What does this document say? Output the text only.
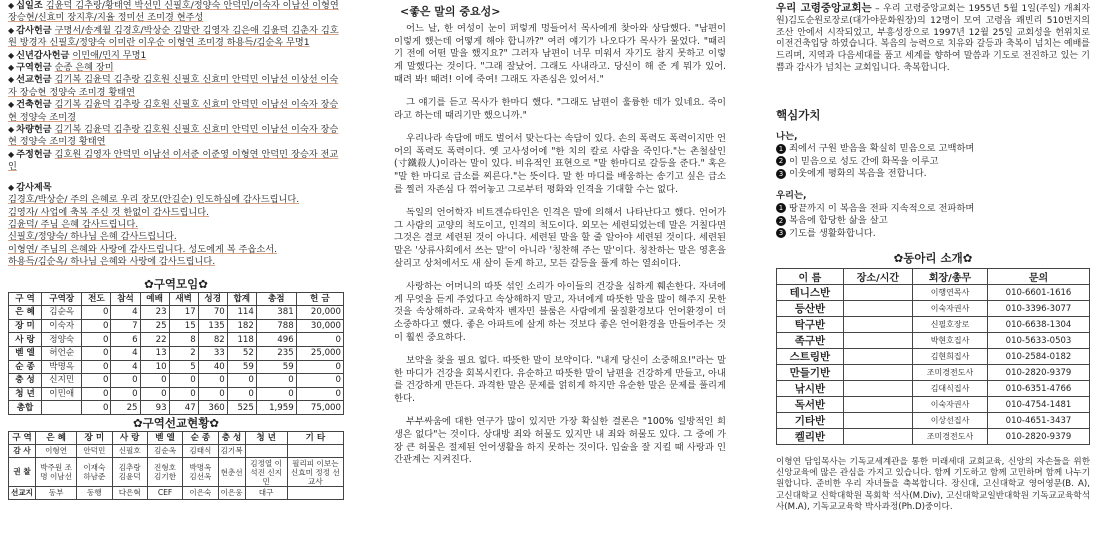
◆ 십일조 김윤덕 김추랑/황태연 박선민 신필호/정양숙 안덕민/이숙자 이남선 이형연 장승현/신효미 장지후/지율 정미선 조미경 현주성
◆ 감사헌금 구명서/송계월 김경호/박상순 김말란 김영자 김은애 김윤덕 김춘자 김호원 방경자 신필호/정양숙 이미란 이우순 이형연 조미경 하용득/김순옥 무명1
◆ 신년감사헌금 이민애/민지 무명1
◆ 구역헌금 순종 은혜 장미
◆ 선교헌금 김기복 김윤덕 김추랑 김호원 신필호 신효미 안덕민 이남선 이상선 이숙자 장승현 정양숙 조미경 황태연
◆ 건축헌금 김기복 김윤덕 김추랑 김호원 신필호 신효미 안덕민 이남선 이숙자 장승현 정양숙 조미경
◆ 차량헌금 김기복 김윤덕 김추랑 김호원 신필호 신효미 안덕민 이남선 이숙자 장승현 정양숙 조미경 황태연
◆ 주정헌금 김호원 김영자 안덕민 이남선 이서준 이준영 이형연 안덕민 장승자 전교인
◆ 감사제목
김경호/박상순/ 주의 은혜로 우리 장모(안길순) 인도하심에 감사드립니다.
김영자/ 사업에 축복 주신 것 한없이 감사드립니다.
김윤덕/ 주님 은혜 감사드립니다.
신필호/정양숙/ 하나님 은혜 감사드립니다.
이형연/ 주님의 은혜와 사랑에 감사드립니다. 성도에게 복 주옵소서.
하용득/김순옥/ 하나님 은혜와 사랑에 감사드립니다.
✿구역모임✿
구 역	구역장	전도	참석	예배	새벽	성경	합계	총점	헌 금
은 혜	김순옥	0	4	23	17	70	114	381	20,000
장 미	이숙자	0	7	25	15	135	182	788	30,000
사 랑	정양숙	0	6	22	8	82	118	496	0
벧 엘	허언순	0	4	13	2	33	52	235	25,000
순 종	박명옥	0	4	10	5	40	59	59	0
충 성	신지민	0	0	0	0	0	0	0	0
청 년	이민애	0	0	0	0	0	0	0	0
총합		0	25	93	47	360	525	1,959	75,000
✿구역선교현황✿
구 역	은 혜	장 미	사 랑	벧 엘	순 종	충 성	청 년	기 타
감 사	이형연	안덕민	신필호	김순옥	김태식	김기복		
권 찰	박주원 조명 이남선	이재숙 하남준	김추랑 김윤덕	진형호 김기한	박명옥 김선옥	현춘선	김정열 이석진 신지민	필리피 이보는 신효미 정정 선교사
선교지	동부	동행	다은혁	CEF	이은숙	이은웅	대구	
<좋은 말의 중요성>

어느 날, 한 여성이 눈이 퍼렇게 멍들어서 목사에게 찾아와 상담했다. "남편이 이렇게 했는데 어떻게 해야 합니까?" 여러 얘기가 나오다가 목사가 물었다. "때리기 전에 어떤 말을 했지요?" 그러자 남편이 너무 미워서 자기도 참지 못하고 이렇게 말했다는 것이다. "그래 잘났어. 그래도 사내라고. 당신이 해 준 게 뭐가 있어. 때려 봐! 때려! 이에 죽여! 그래도 자존심은 있어서."

그 얘기를 듣고 목사가 한마디 했다. "그래도 남편이 훌륭한 데가 있네요. 죽이라고 하는데 때리기만 했으니까."

우리나라 속담에 매도 벌어서 맞는다는 속담이 있다. 손의 폭력도 폭력이지만 언어의 폭력도 폭력이다. 옛 고사성어에 "한 치의 칼로 사람을 죽인다."는 촌철살인(寸鐵殺人)이라는 말이 있다. 비유적인 표현으로 "말 한마디로 갈등을 준다." 혹은 "말 한 마디로 급소를 찌른다."는 뜻이다. 말 한 마디를 배웅하는 송기고 싶은 급소를 찔러 자존심 다 꺾어놓고 그로부터 평화와 인격을 기대할 수는 없다.

독일의 언어학자 비트겐슈타인은 인격은 말에 의해서 나타난다고 했다. 언어가 그 사람의 교양의 척도이고, 인격의 척도이다. 외모는 세련되었는데 말은 거칠다면 그것은 결코 세련된 것이 아니다. 세련된 말을 할 줄 알아야 세련된 것이다. 세련된 말은 '상류사회에서 쓰는 말'이 아니라 '칭찬해 주는 말'이다. 칭찬하는 말은 영혼을 살리고 상처에서도 새 살이 돋게 하고, 모든 갈등을 풀게 하는 열쇠이다.

사랑하는 어머니의 따뜻 섞인 소리가 아이들의 건강을 심하게 훼손한다. 자녀에게 무엇을 듣게 주었다고 속상해하지 말고, 자녀에게 따뜻한 말을 많이 해주지 못한 것을 속상해하라. 교육학자 벤자민 블룸은 사람에게 물질환경보다 언어환경이 더 소중하다고 했다. 좋은 아파트에 살게 하는 것보다 좋은 언어환경을 만들어주는 것이 훨씬 중요하다.

보약을 찾을 필요 없다. 따뜻한 말이 보약이다. "내게 당신이 소중해요!"라는 말 한 마디가 건강을 회복시킨다. 유순하고 따뜻한 말이 남편을 건강하게 만들고, 아내를 건강하게 만든다. 과격한 말은 문제를 얽히게 하지만 유순한 말은 문제를 풀리게 한다.

부부싸움에 대한 연구가 많이 있지만 가장 확실한 결론은 "100% 일방적인 희생은 없다"는 것이다. 상대방 죄와 허물도 있지만 내 죄와 허물도 있다. 그 중에 가장 큰 허물은 절제된 언어생활을 하지 못하는 것이다. 입술을 잘 지킬 때 사랑과 인간관계는 지켜진다.

우리 고령중앙교회는 – 우리 고령중앙교회는 1955년 5월 1일(주일) 개최자 원)김도순원로장로(대가야문화원장)의 12명이 모여 고령읍 쾌빈리 510번지의 조산 안에서 시작되었고, 부흥성장으로 1997년 12월 25일 교회성을 헌위치로 이전건축입당 하였습니다. 복음의 능력으로 치유와 갈등과 축복이 넘치는 예배를 드리며, 지역과 다음세대를 품고 세계를 향하여 말씀과 기도로 전진하고 있는 기쁨과 감사가 넘치는 교회입니다. 축복합니다.
핵심가치
나는,
1 죄에서 구원 받음을 확실히 믿음으로 고백하며
2 이 믿음으로 성도 간에 화목을 이루고
3 이웃에게 평화의 복음을 전합니다.
우리는,
1 땅끝까지 이 복음을 전파 지속적으로 전파하며
2 복음에 합당한 삶을 살고
3 기도를 생활화합니다.
✿동아리 소개✿
이 름	장소/시간	회장/총무	문의
테니스반		이행연목사	010-6601-1616
등산반		이숙자권사	010-3396-3077
탁구반		신필호장로	010-6638-1304
족구반		박현호집사	010-5633-0503
스트링반		김현희집사	010-2584-0182
만들기반		조미경전도사	010-2820-9379
낚시반		김대식집사	010-6351-4766
독서반		이숙자권사	010-4754-1481
기타반		이상선집사	010-4651-3437
켈리반		조미경전도사	010-2820-9379
이형연 담임목사는 기독교세계관을 통한 미래세대 교회교육, 신앙의 자손들을 위한 신앙교육에 많은 관심을 가지고 있습니다. 함께 기도하고 함께 고민하며 함께 나누기 원합니다. 준비한 우리 자녀들을 축복합니다. 장신대, 고신대학교 영어영문(B. A), 고신대학교 신학대학원 목회학 석사(M.Div), 고신대학교일반대학원 기독교교육학석사(M.A), 기독교교육학 박사과정(Ph.D)중이다.
